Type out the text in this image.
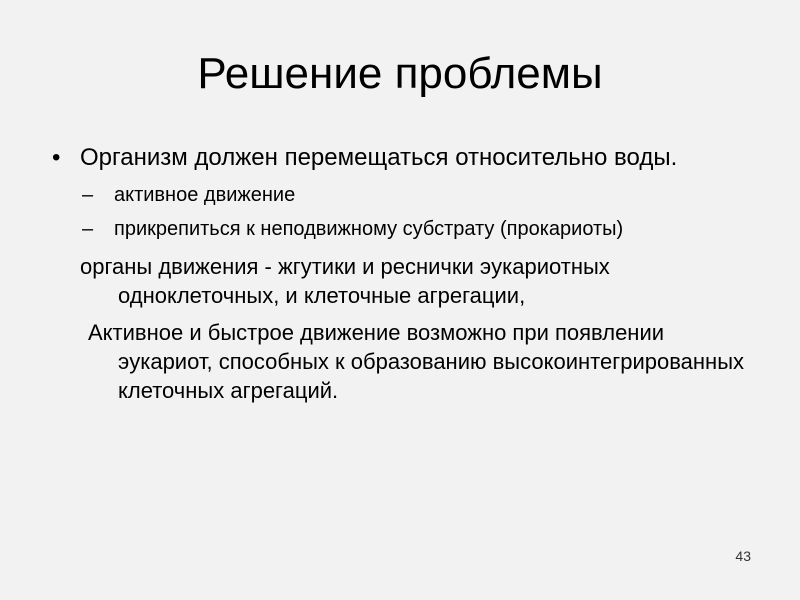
Решение проблемы

• Организм должен перемещаться относительно воды.

– активное движение

– прикрепиться к неподвижному субстрату (прокариоты)

органы движения - жгутики и реснички эукариотных одноклеточных, и клеточные агрегации,

Активное и быстрое движение возможно при появлении эукариот, способных к образованию высокоинтегрированных клеточных агрегаций.

43
